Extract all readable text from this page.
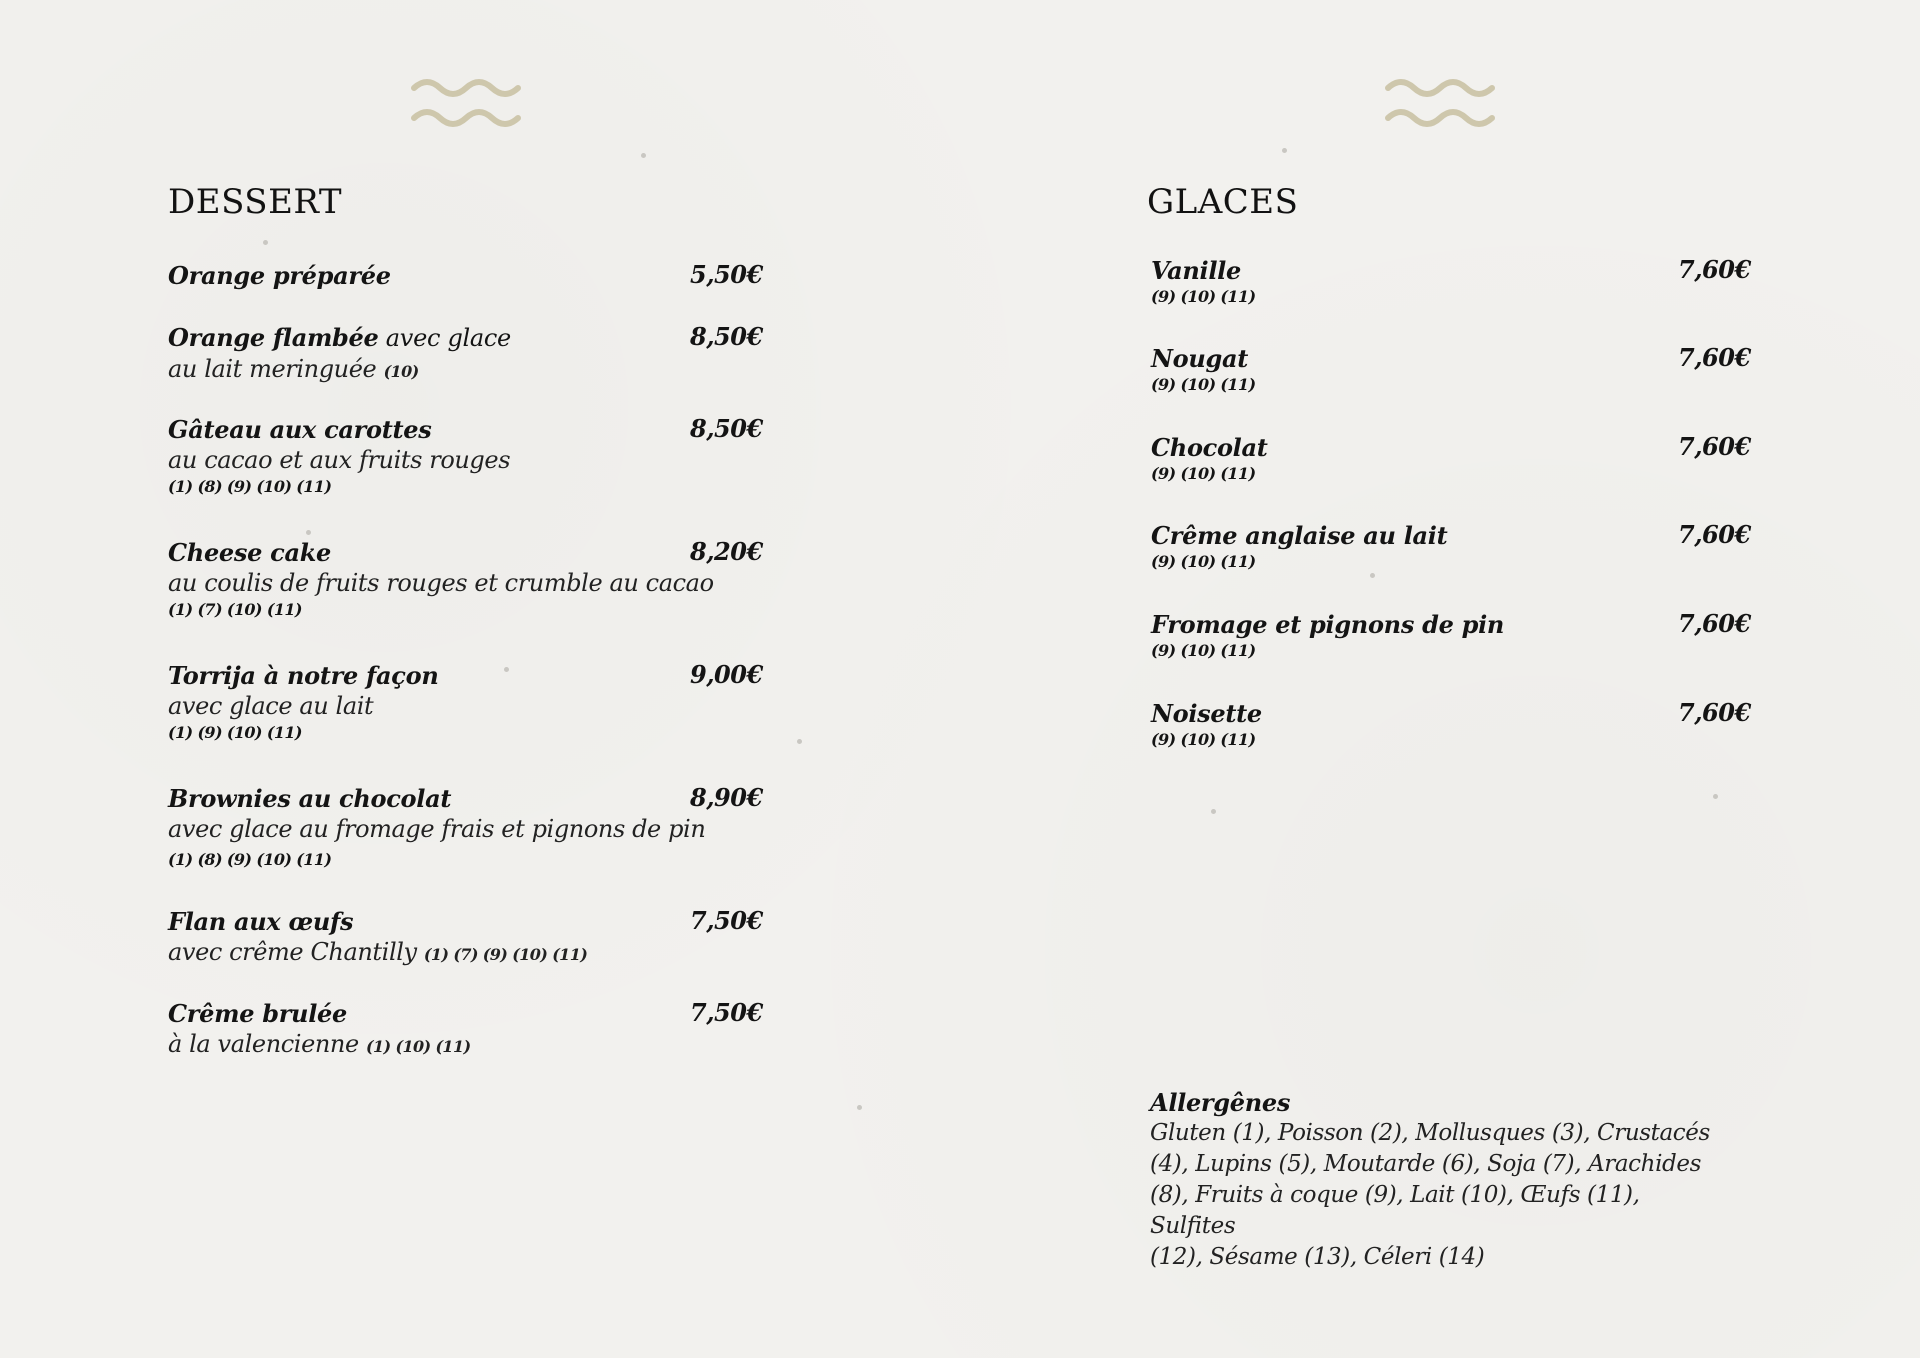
DESSERT
Orange préparée	5,50€
Orange flambée avec glace
au lait meringuée (10)
8,50€
Gâteau aux carottes
au cacao et aux fruits rouges
(1) (8) (9) (10) (11)
8,50€
Cheese cake
au coulis de fruits rouges et crumble au cacao
(1) (7) (10) (11)
8,20€
Torrija à notre façon
avec glace au lait
(1) (9) (10) (11)
9,00€
Brownies au chocolat
avec glace au fromage frais et pignons de pin
(1) (8) (9) (10) (11)
8,90€
Flan aux œufs
avec crême Chantilly (1) (7) (9) (10) (11)
7,50€
Crême brulée
à la valencienne (1) (10) (11)
7,50€
GLACES
Vanille
(9) (10) (11)
7,60€
Nougat
(9) (10) (11)
7,60€
Chocolat
(9) (10) (11)
7,60€
Crême anglaise au lait
(9) (10) (11)
7,60€
Fromage et pignons de pin
(9) (10) (11)
7,60€
Noisette
(9) (10) (11)
7,60€
Allergênes
Gluten (1), Poisson (2), Mollusques (3), Crustacés
(4), Lupins (5), Moutarde (6), Soja (7), Arachides
(8), Fruits à coque (9), Lait (10), Œufs (11), Sulfites
(12), Sésame (13), Céleri (14)
